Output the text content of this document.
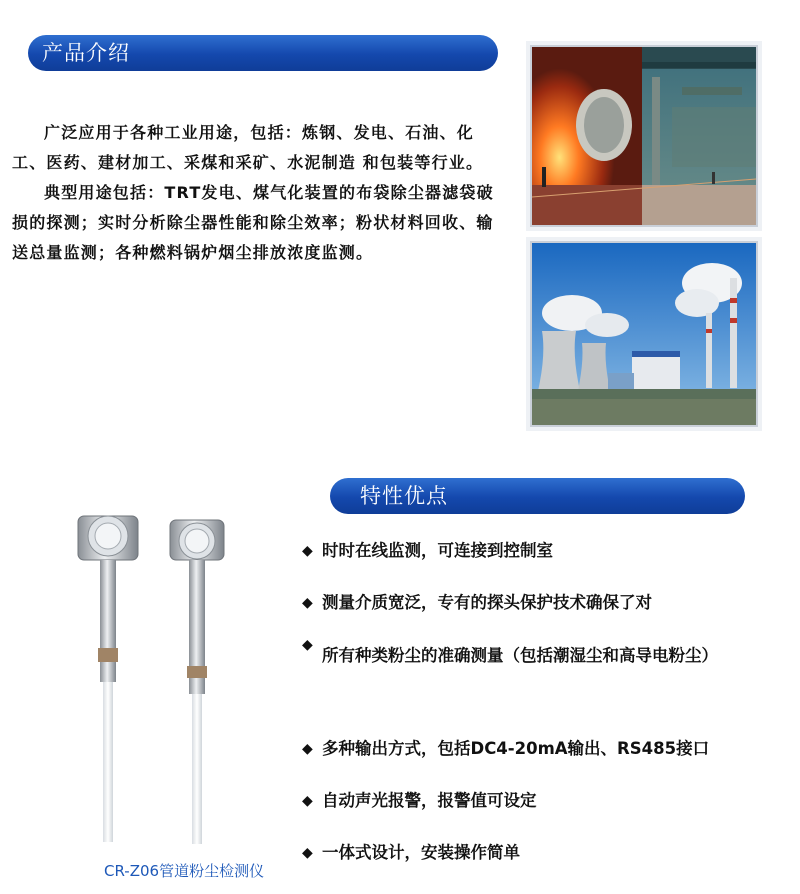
产品介绍

广泛应用于各种工业用途，包括：炼钢、发电、石油、化工、医药、建材加工、采煤和采矿、水泥制造 和包装等行业。

典型用途包括：TRT发电、煤气化装置的布袋除尘器滤袋破损的探测；实时分析除尘器性能和除尘效率；粉状材料回收、输送总量监测；各种燃料锅炉烟尘排放浓度监测。

特性优点
◆ 时时在线监测，可连接到控制室
◆ 测量介质宽泛，专有的探头保护技术确保了对
◆ 所有种类粉尘的准确测量（包括潮湿尘和高导电粉尘）
◆ 多种输出方式，包括DC4-20mA输出、RS485接口
◆ 自动声光报警，报警值可设定
◆ 一体式设计，安装操作简单
CR-Z06管道粉尘检测仪
